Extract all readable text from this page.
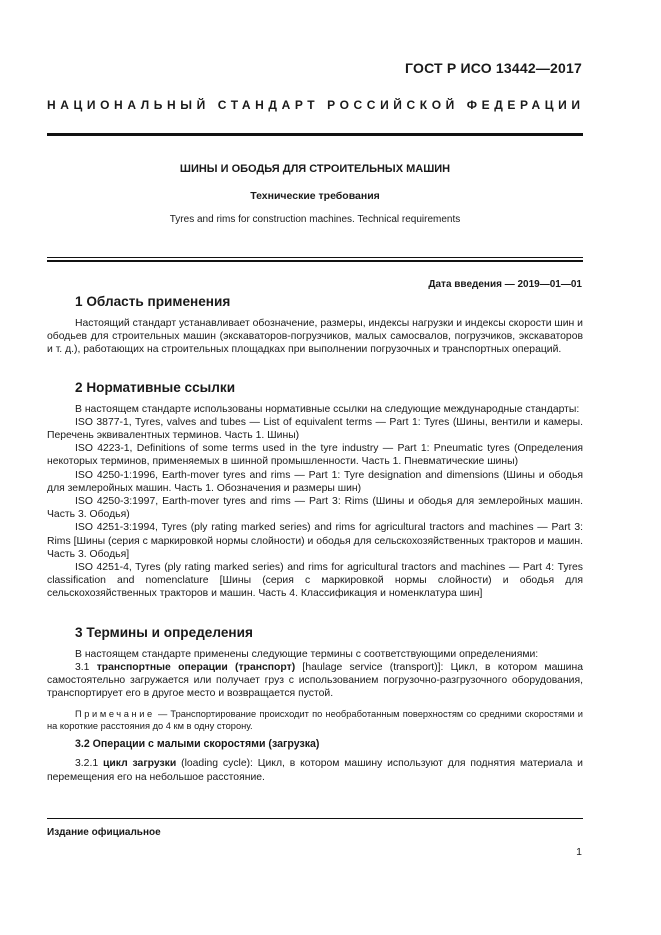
ГОСТ Р ИСО 13442—2017
НАЦИОНАЛЬНЫЙ СТАНДАРТ РОССИЙСКОЙ ФЕДЕРАЦИИ
ШИНЫ И ОБОДЬЯ ДЛЯ СТРОИТЕЛЬНЫХ МАШИН
Технические требования
Tyres and rims for construction machines. Technical requirements
Дата введения — 2019—01—01
1 Область применения

Настоящий стандарт устанавливает обозначение, размеры, индексы нагрузки и индексы скорости шин и ободьев для строительных машин (экскаваторов-погрузчиков, малых самосвалов, погрузчиков, экскаваторов и т. д.), работающих на строительных площадках при выполнении погрузочных и транспортных операций.

2 Нормативные ссылки

В настоящем стандарте использованы нормативные ссылки на следующие международные стандарты:

ISO 3877-1, Tyres, valves and tubes — List of equivalent terms — Part 1: Tyres (Шины, вентили и камеры. Перечень эквивалентных терминов. Часть 1. Шины)

ISO 4223-1, Definitions of some terms used in the tyre industry — Part 1: Pneumatic tyres (Определения некоторых терминов, применяемых в шинной промышленности. Часть 1. Пневматические шины)

ISO 4250-1:1996, Earth-mover tyres and rims — Part 1: Tyre designation and dimensions (Шины и ободья для землеройных машин. Часть 1. Обозначения и размеры шин)

ISO 4250-3:1997, Earth-mover tyres and rims — Part 3: Rims (Шины и ободья для землеройных машин. Часть 3. Ободья)

ISO 4251-3:1994, Tyres (ply rating marked series) and rims for agricultural tractors and machines — Part 3: Rims [Шины (серия с маркировкой нормы слойности) и ободья для сельскохозяйственных тракторов и машин. Часть 3. Ободья]

ISO 4251-4, Tyres (ply rating marked series) and rims for agricultural tractors and machines — Part 4: Tyres classification and nomenclature [Шины (серия с маркировкой нормы слойности) и ободья для сельскохозяйственных тракторов и машин. Часть 4. Классификация и номенклатура шин]

3 Термины и определения

В настоящем стандарте применены следующие термины с соответствующими определениями:

3.1 транспортные операции (транспорт) [haulage service (transport)]: Цикл, в котором машина самостоятельно загружается или получает груз с использованием погрузочно-разгрузочного оборудования, транспортирует его в другое место и возвращается пустой.

Примечание — Транспортирование происходит по необработанным поверхностям со средними скоростями и на короткие расстояния до 4 км в одну сторону.

3.2 Операции с малыми скоростями (загрузка)

3.2.1 цикл загрузки (loading cycle): Цикл, в котором машину используют для поднятия материала и перемещения его на небольшое расстояние.

Издание официальное
1
